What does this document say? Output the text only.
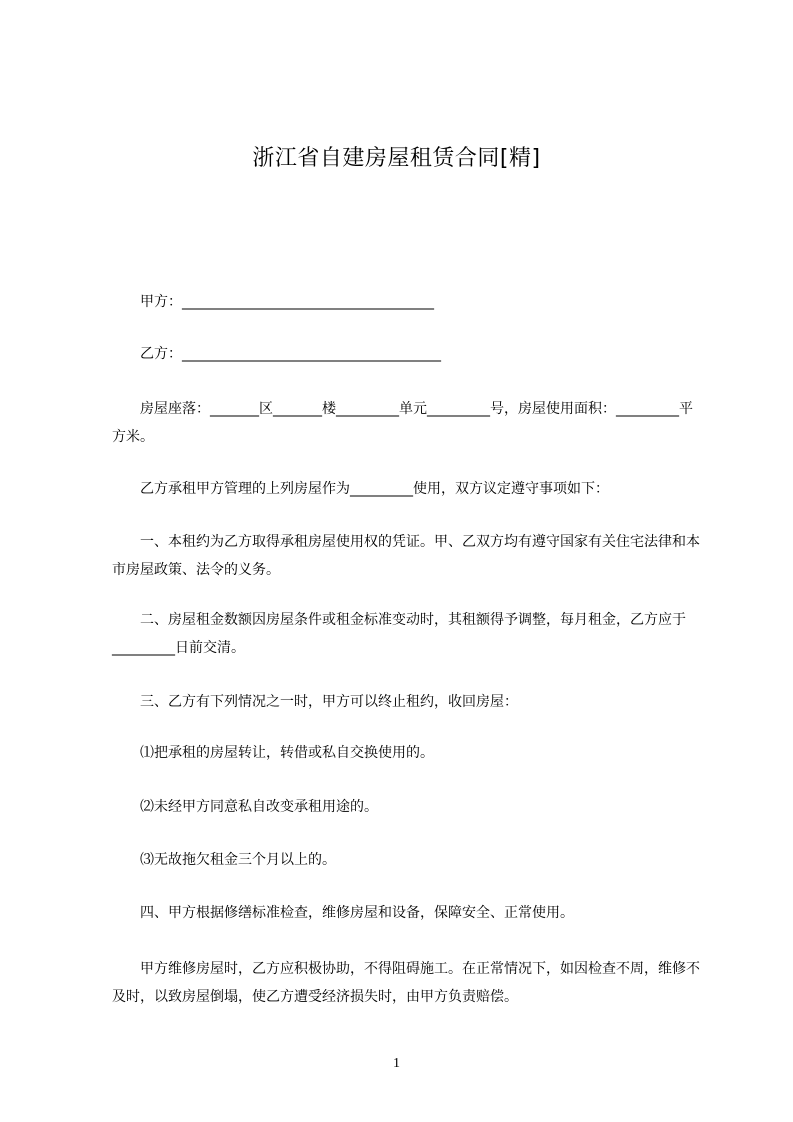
浙江省自建房屋租赁合同[精]

甲方：____________________________________

乙方：_____________________________________

房屋座落：_______区_______楼_________单元_________号，房屋使用面积：_________平方米。

乙方承租甲方管理的上列房屋作为_________使用，双方议定遵守事项如下：

一、本租约为乙方取得承租房屋使用权的凭证。甲、乙双方均有遵守国家有关住宅法律和本市房屋政策、法令的义务。

二、房屋租金数额因房屋条件或租金标准变动时，其租额得予调整，每月租金，乙方应于_________日前交清。

三、乙方有下列情况之一时，甲方可以终止租约，收回房屋：

⑴把承租的房屋转让，转借或私自交换使用的。

⑵未经甲方同意私自改变承租用途的。

⑶无故拖欠租金三个月以上的。

四、甲方根据修缮标准检查，维修房屋和设备，保障安全、正常使用。

甲方维修房屋时，乙方应积极协助，不得阻碍施工。在正常情况下，如因检查不周，维修不及时，以致房屋倒塌，使乙方遭受经济损失时，由甲方负责赔偿。

1
